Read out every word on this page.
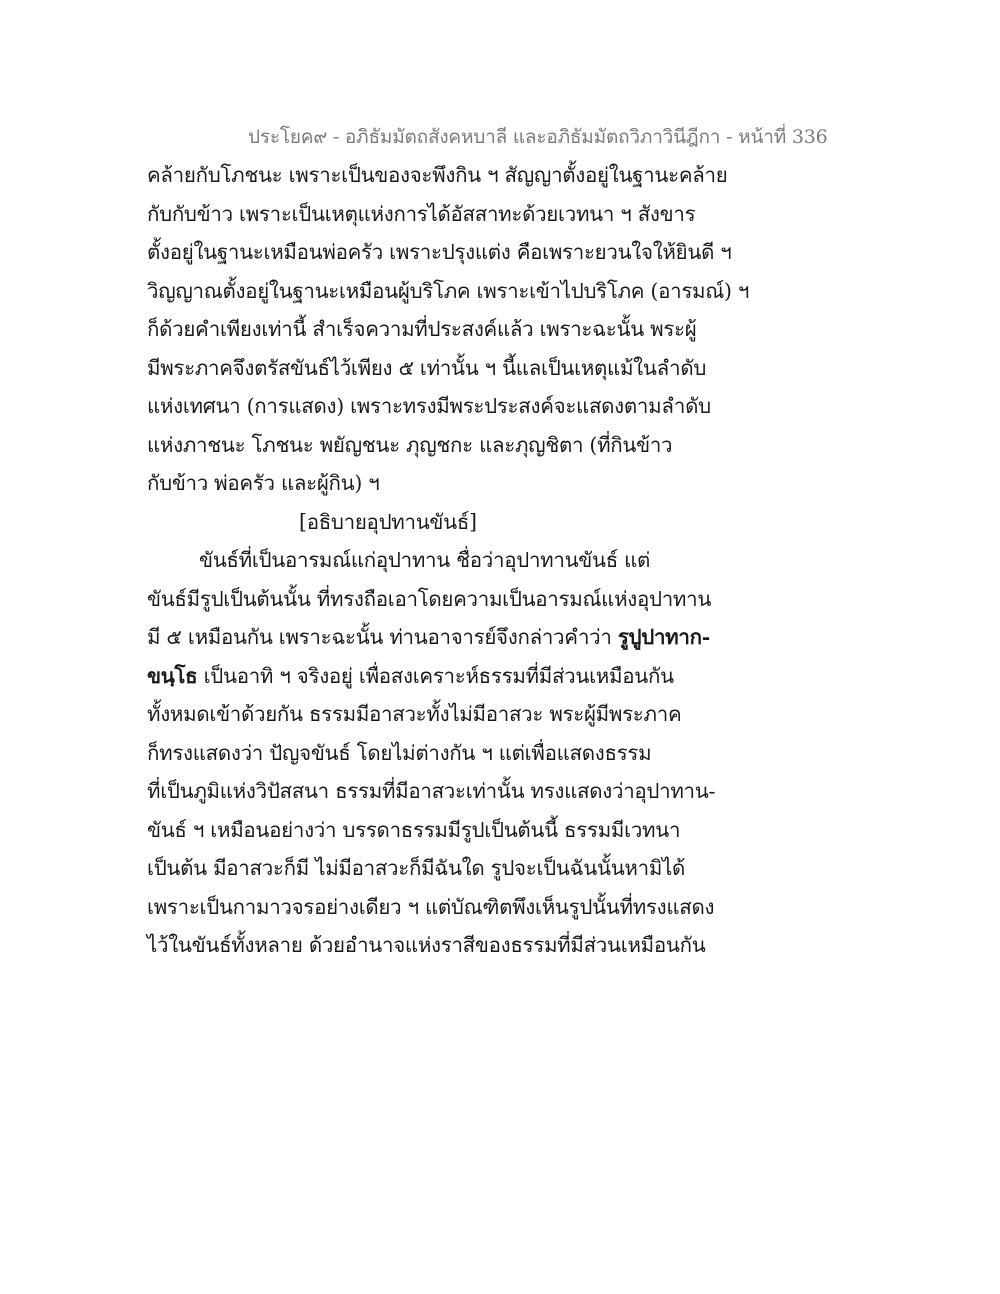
ประโยค๙ - อภิธัมมัตถสังคหบาลี และอภิธัมมัตถวิภาวินีฎีกา - หน้าที่ 336
คล้ายกับโภชนะ เพราะเป็นของจะพึงกิน ฯ สัญญาตั้งอยู่ในฐานะคล้าย
กับกับข้าว เพราะเป็นเหตุแห่งการได้อัสสาทะด้วยเวทนา ฯ สังขาร
ตั้งอยู่ในฐานะเหมือนพ่อครัว เพราะปรุงแต่ง คือเพราะยวนใจให้ยินดี ฯ
วิญญาณตั้งอยู่ในฐานะเหมือนผู้บริโภค เพราะเข้าไปบริโภค (อารมณ์) ฯ
ก็ด้วยคำเพียงเท่านี้ สำเร็จความที่ประสงค์แล้ว เพราะฉะนั้น พระผู้
มีพระภาคจึงตรัสขันธ์ไว้เพียง ๕ เท่านั้น ฯ นี้แลเป็นเหตุแม้ในลำดับ
แห่งเทศนา (การแสดง) เพราะทรงมีพระประสงค์จะแสดงตามลำดับ
แห่งภาชนะ โภชนะ พยัญชนะ ภุญชกะ และภุญชิตา (ที่กินข้าว
กับข้าว พ่อครัว และผู้กิน) ฯ
[อธิบายอุปทานขันธ์]
ขันธ์ที่เป็นอารมณ์แก่อุปาทาน ชื่อว่าอุปาทานขันธ์ แต่
ขันธ์มีรูปเป็นต้นนั้น ที่ทรงถือเอาโดยความเป็นอารมณ์แห่งอุปาทาน
มี ๕ เหมือนกัน เพราะฉะนั้น ท่านอาจารย์จึงกล่าวคำว่า รูปูปาทาก-
ขนฺโธ เป็นอาทิ ฯ จริงอยู่ เพื่อสงเคราะห์ธรรมที่มีส่วนเหมือนกัน
ทั้งหมดเข้าด้วยกัน ธรรมมีอาสวะทั้งไม่มีอาสวะ พระผู้มีพระภาค
ก็ทรงแสดงว่า ปัญจขันธ์ โดยไม่ต่างกัน ฯ แต่เพื่อแสดงธรรม
ที่เป็นภูมิแห่งวิปัสสนา ธรรมที่มีอาสวะเท่านั้น ทรงแสดงว่าอุปาทาน-
ขันธ์ ฯ เหมือนอย่างว่า บรรดาธรรมมีรูปเป็นต้นนี้ ธรรมมีเวทนา
เป็นต้น มีอาสวะก็มี ไม่มีอาสวะก็มีฉันใด รูปจะเป็นฉันนั้นหามิได้
เพราะเป็นกามาวจรอย่างเดียว ฯ แต่บัณฑิตพึงเห็นรูปนั้นที่ทรงแสดง
ไว้ในขันธ์ทั้งหลาย ด้วยอำนาจแห่งราสีของธรรมที่มีส่วนเหมือนกัน
